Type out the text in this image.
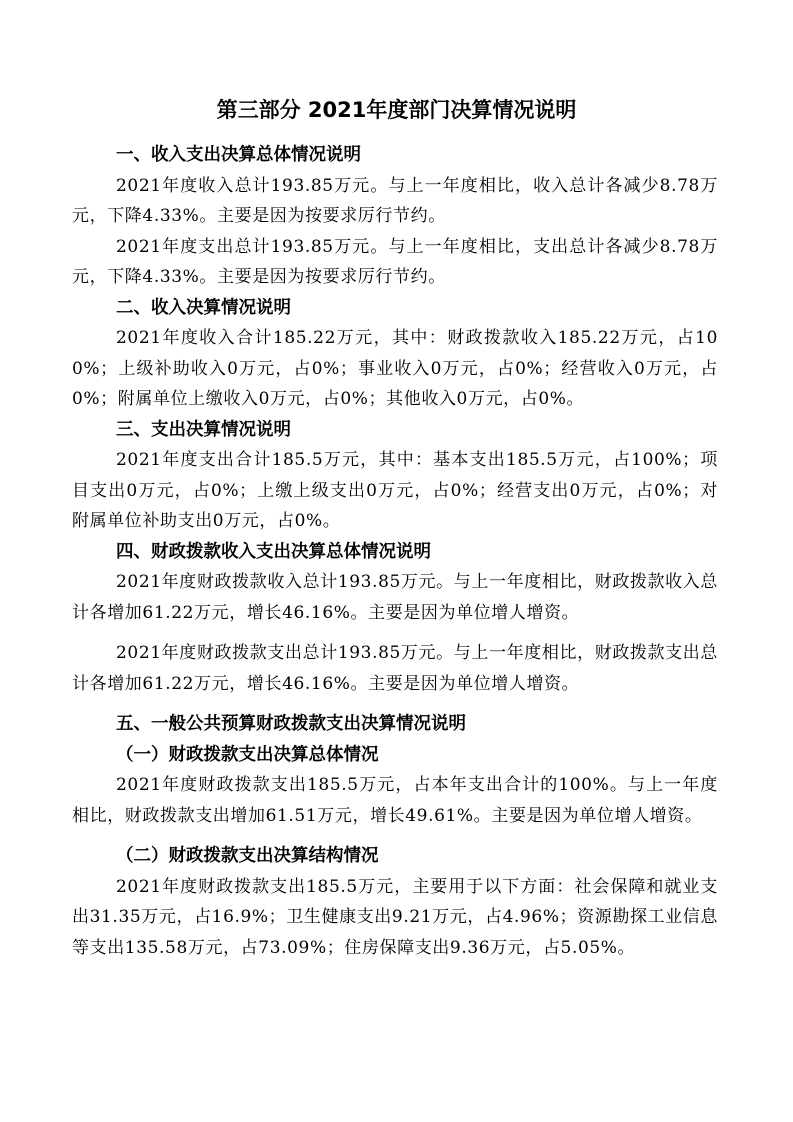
第三部分 2021年度部门决算情况说明
一、收入支出决算总体情况说明

2021年度收入总计193.85万元。与上一年度相比，收入总计各减少8.78万元，下降4.33%。主要是因为按要求厉行节约。

2021年度支出总计193.85万元。与上一年度相比，支出总计各减少8.78万元，下降4.33%。主要是因为按要求厉行节约。

二、收入决算情况说明

2021年度收入合计185.22万元，其中：财政拨款收入185.22万元，占100%；上级补助收入0万元，占0%；事业收入0万元，占0%；经营收入0万元，占0%；附属单位上缴收入0万元，占0%；其他收入0万元，占0%。

三、支出决算情况说明

2021年度支出合计185.5万元，其中：基本支出185.5万元，占100%；项目支出0万元，占0%；上缴上级支出0万元，占0%；经营支出0万元，占0%；对附属单位补助支出0万元，占0%。

四、财政拨款收入支出决算总体情况说明

2021年度财政拨款收入总计193.85万元。与上一年度相比，财政拨款收入总计各增加61.22万元，增长46.16%。主要是因为单位增人增资。

2021年度财政拨款支出总计193.85万元。与上一年度相比，财政拨款支出总计各增加61.22万元，增长46.16%。主要是因为单位增人增资。

五、一般公共预算财政拨款支出决算情况说明
（一）财政拨款支出决算总体情况

2021年度财政拨款支出185.5万元，占本年支出合计的100%。与上一年度相比，财政拨款支出增加61.51万元，增长49.61%。主要是因为单位增人增资。

（二）财政拨款支出决算结构情况

2021年度财政拨款支出185.5万元，主要用于以下方面：社会保障和就业支出31.35万元，占16.9%；卫生健康支出9.21万元，占4.96%；资源勘探工业信息等支出135.58万元，占73.09%；住房保障支出9.36万元，占5.05%。
